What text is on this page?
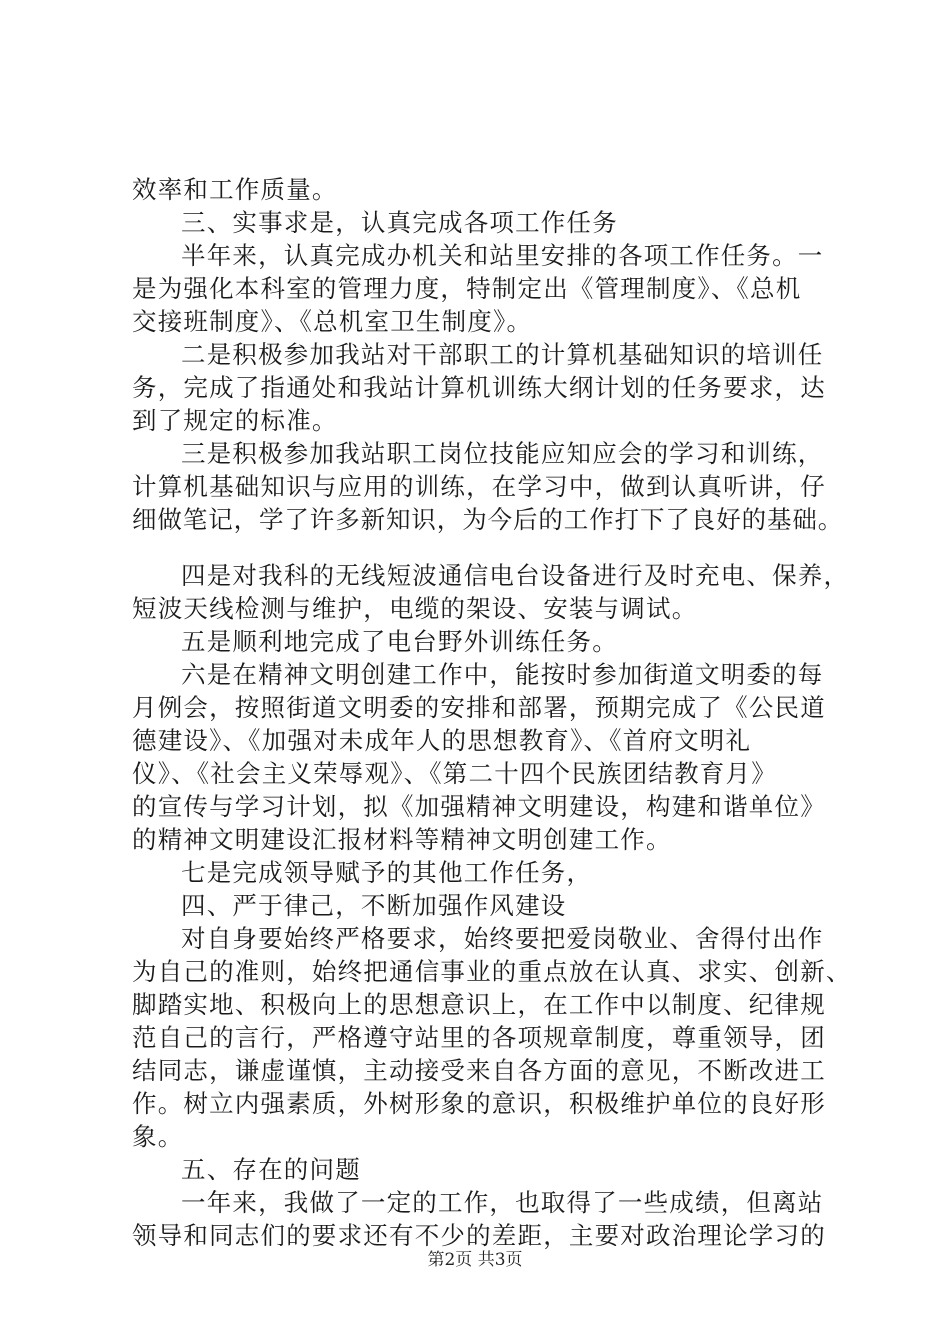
效率和工作质量。
三、实事求是，认真完成各项工作任务
半年来，认真完成办机关和站里安排的各项工作任务。一
是为强化本科室的管理力度，特制定出《管理制度》、《总机
交接班制度》、《总机室卫生制度》。
二是积极参加我站对干部职工的计算机基础知识的培训任
务，完成了指通处和我站计算机训练大纲计划的任务要求，达
到了规定的标准。
三是积极参加我站职工岗位技能应知应会的学习和训练，
计算机基础知识与应用的训练，在学习中，做到认真听讲，仔
细做笔记，学了许多新知识，为今后的工作打下了良好的基础。
四是对我科的无线短波通信电台设备进行及时充电、保养，
短波天线检测与维护，电缆的架设、安装与调试。
五是顺利地完成了电台野外训练任务。
六是在精神文明创建工作中，能按时参加街道文明委的每
月例会，按照街道文明委的安排和部署，预期完成了《公民道
德建设》、《加强对未成年人的思想教育》、《首府文明礼
仪》、《社会主义荣辱观》、《第二十四个民族团结教育月》
的宣传与学习计划，拟《加强精神文明建设，构建和谐单位》
的精神文明建设汇报材料等精神文明创建工作。
七是完成领导赋予的其他工作任务，
四、严于律己，不断加强作风建设
对自身要始终严格要求，始终要把爱岗敬业、舍得付出作
为自己的准则，始终把通信事业的重点放在认真、求实、创新、
脚踏实地、积极向上的思想意识上，在工作中以制度、纪律规
范自己的言行，严格遵守站里的各项规章制度，尊重领导，团
结同志，谦虚谨慎，主动接受来自各方面的意见，不断改进工
作。树立内强素质，外树形象的意识，积极维护单位的良好形
象。
五、存在的问题
一年来，我做了一定的工作，也取得了一些成绩，但离站
领导和同志们的要求还有不少的差距，主要对政治理论学习的
第2页 共3页
